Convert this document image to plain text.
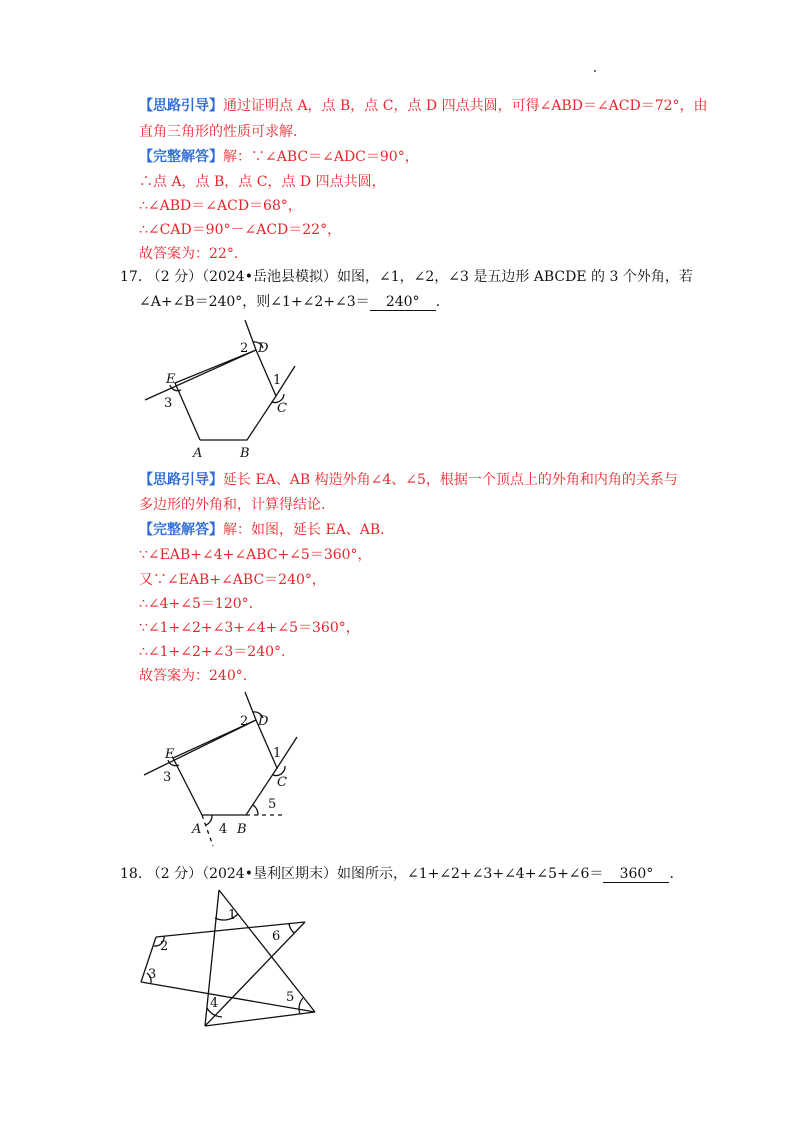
【思路引导】通过证明点 A，点 B，点 C，点 D 四点共圆，可得∠ABD＝∠ACD＝72°，由
直角三角形的性质可求解.
【完整解答】解：∵∠ABC＝∠ADC＝90°，
∴点 A，点 B，点 C，点 D 四点共圆，
∴∠ABD＝∠ACD＝68°，
∴∠CAD＝90°－∠ACD＝22°，
故答案为：22°.
17. （2 分）（2024•岳池县模拟）如图，∠1，∠2，∠3 是五边形 ABCDE 的 3 个外角，若
∠A+∠B＝240°，则∠1+∠2+∠3＝ 240° .
D
2
E
3
1
C
A	B
【思路引导】延长 EA、AB 构造外角∠4、∠5，根据一个顶点上的外角和内角的关系与
多边形的外角和，计算得结论.
【完整解答】解：如图，延长 EA、AB.
∵∠EAB+∠4+∠ABC+∠5＝360°，
又∵∠EAB+∠ABC＝240°，
∴∠4+∠5＝120°.
∵∠1+∠2+∠3+∠4+∠5＝360°，
∴∠1+∠2+∠3＝240°.
故答案为：240°.
D
2
E
3
1
C
5
A 4 B
18. （2 分）（2024•垦利区期末）如图所示，∠1+∠2+∠3+∠4+∠5+∠6＝ 360° .
1
2
3
4	5
6
